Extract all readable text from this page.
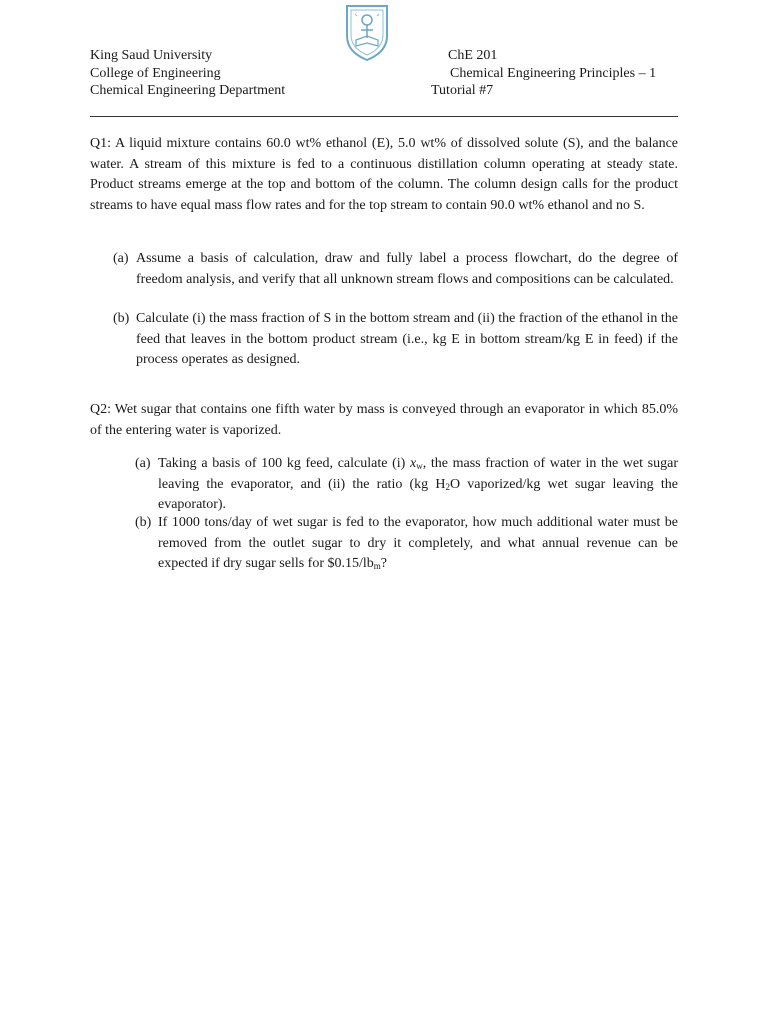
King Saud University
College of Engineering
Chemical Engineering Department
ChE 201
Chemical Engineering Principles – 1
Tutorial #7

Q1: A liquid mixture contains 60.0 wt% ethanol (E), 5.0 wt% of dissolved solute (S), and the balance water. A stream of this mixture is fed to a continuous distillation column operating at steady state. Product streams emerge at the top and bottom of the column. The column design calls for the product streams to have equal mass flow rates and for the top stream to contain 90.0 wt% ethanol and no S.

(a) Assume a basis of calculation, draw and fully label a process flowchart, do the degree of freedom analysis, and verify that all unknown stream flows and compositions can be calculated.
(b) Calculate (i) the mass fraction of S in the bottom stream and (ii) the fraction of the ethanol in the feed that leaves in the bottom product stream (i.e., kg E in bottom stream/kg E in feed) if the process operates as designed.

Q2: Wet sugar that contains one fifth water by mass is conveyed through an evaporator in which 85.0% of the entering water is vaporized.

(a) Taking a basis of 100 kg feed, calculate (i) $x_w$, the mass fraction of water in the wet sugar leaving the evaporator, and (ii) the ratio (kg $H_2O$ vaporized/kg wet sugar leaving the evaporator).
(b) If 1000 tons/day of wet sugar is fed to the evaporator, how much additional water must be removed from the outlet sugar to dry it completely, and what annual revenue can be expected if dry sugar sells for $\$0.15/lb_m$?
